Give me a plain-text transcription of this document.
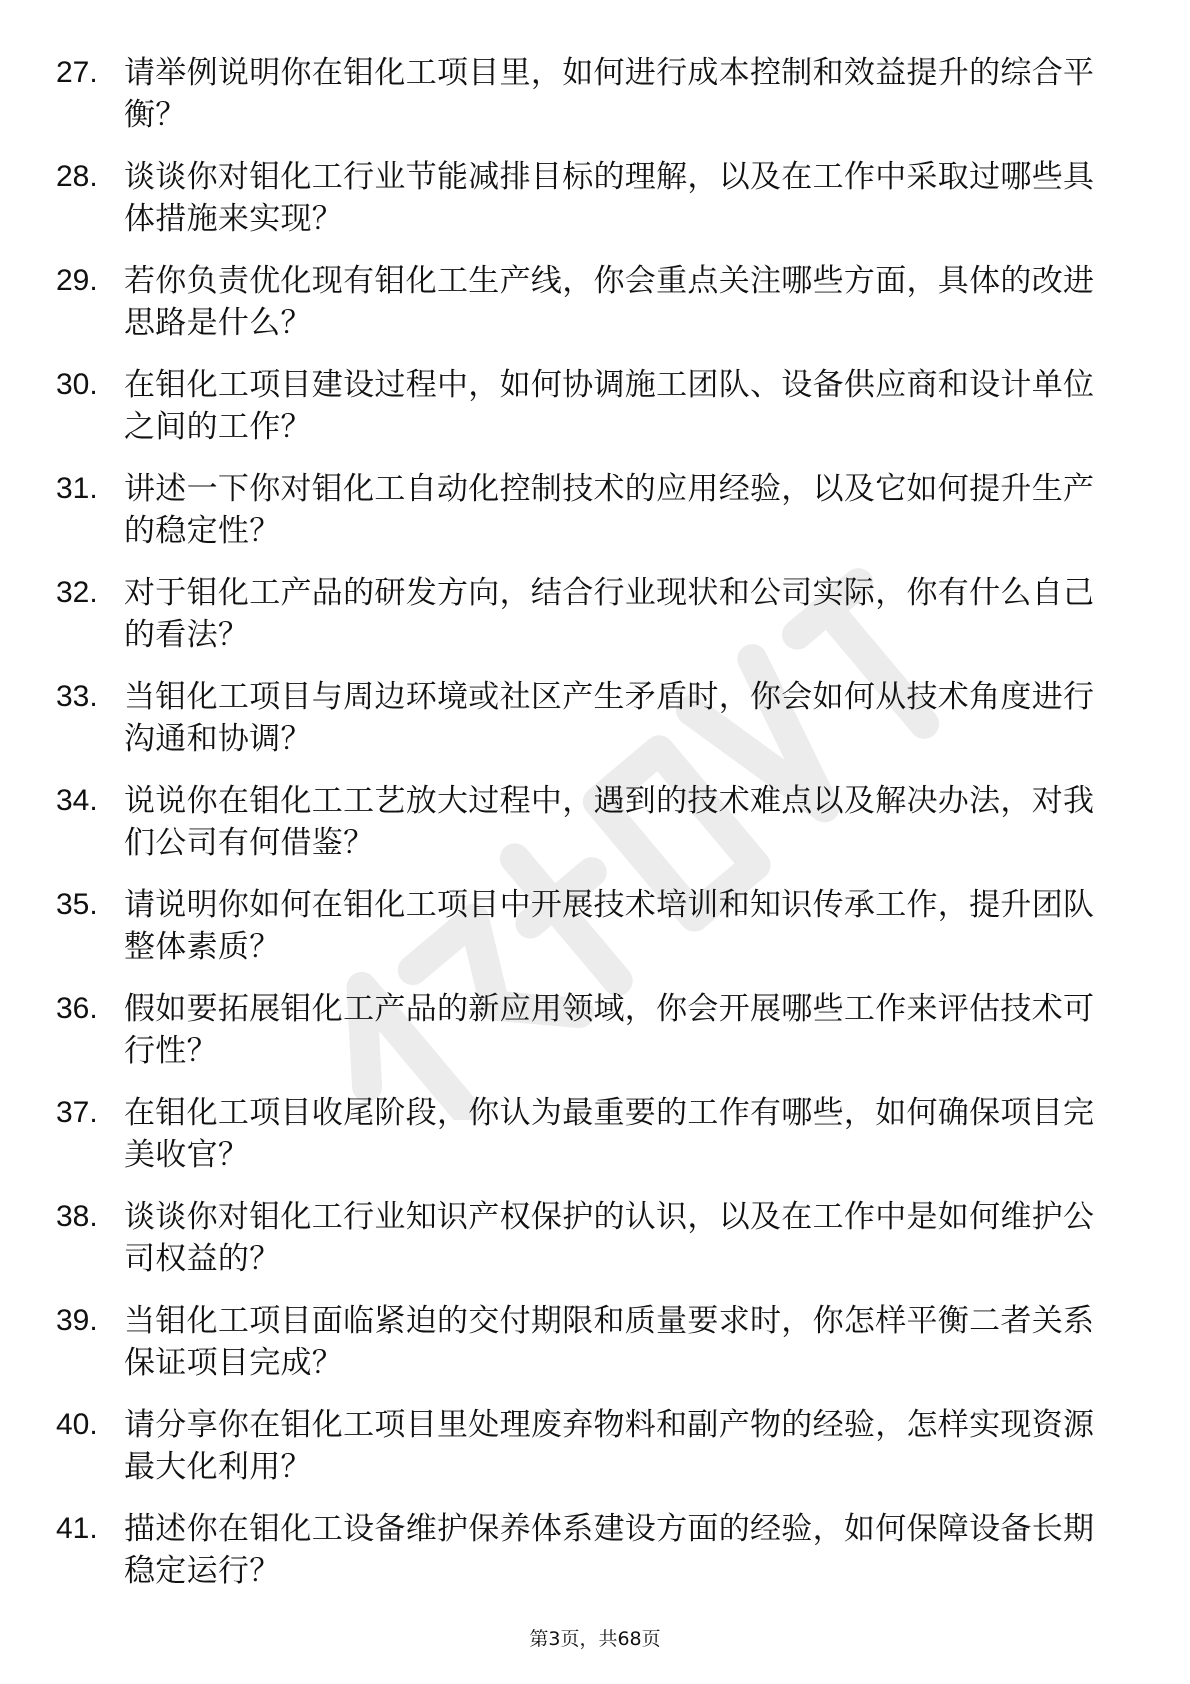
27. 请举例说明你在钼化工项目里，如何进行成本控制和效益提升的综合平衡？
28. 谈谈你对钼化工行业节能减排目标的理解，以及在工作中采取过哪些具体措施来实现？
29. 若你负责优化现有钼化工生产线，你会重点关注哪些方面，具体的改进思路是什么？
30. 在钼化工项目建设过程中，如何协调施工团队、设备供应商和设计单位之间的工作？
31. 讲述一下你对钼化工自动化控制技术的应用经验，以及它如何提升生产的稳定性？
32. 对于钼化工产品的研发方向，结合行业现状和公司实际，你有什么自己的看法？
33. 当钼化工项目与周边环境或社区产生矛盾时，你会如何从技术角度进行沟通和协调？
34. 说说你在钼化工工艺放大过程中，遇到的技术难点以及解决办法，对我们公司有何借鉴？
35. 请说明你如何在钼化工项目中开展技术培训和知识传承工作，提升团队整体素质？
36. 假如要拓展钼化工产品的新应用领域，你会开展哪些工作来评估技术可行性？
37. 在钼化工项目收尾阶段，你认为最重要的工作有哪些，如何确保项目完美收官？
38. 谈谈你对钼化工行业知识产权保护的认识，以及在工作中是如何维护公司权益的？
39. 当钼化工项目面临紧迫的交付期限和质量要求时，你怎样平衡二者关系保证项目完成？
40. 请分享你在钼化工项目里处理废弃物料和副产物的经验，怎样实现资源最大化利用？
41. 描述你在钼化工设备维护保养体系建设方面的经验，如何保障设备长期稳定运行？
第3页，共68页
